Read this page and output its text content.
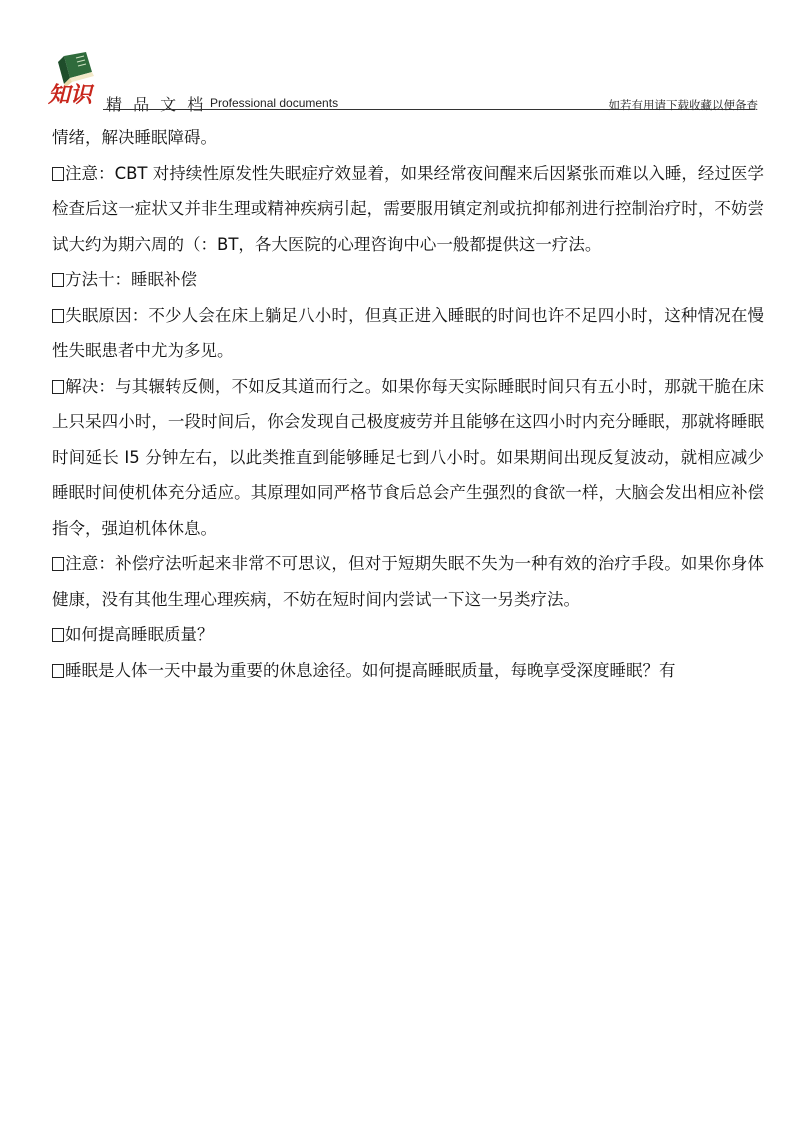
知识 精 品 文 档 Professional documents	如若有用请下载收藏以便备查

情绪，解决睡眠障碍。

注意：CBT 对持续性原发性失眠症疗效显着，如果经常夜间醒来后因紧张而难以入睡，经过医学检查后这一症状又并非生理或精神疾病引起，需要服用镇定剂或抗抑郁剂进行控制治疗时，不妨尝试大约为期六周的（：BT，各大医院的心理咨询中心一般都提供这一疗法。

方法十：睡眠补偿

失眠原因：不少人会在床上躺足八小时，但真正进入睡眠的时间也许不足四小时，这种情况在慢性失眠患者中尤为多见。

解决：与其辗转反侧，不如反其道而行之。如果你每天实际睡眠时间只有五小时，那就干脆在床上只呆四小时，一段时间后，你会发现自己极度疲劳并且能够在这四小时内充分睡眠，那就将睡眠时间延长 I5 分钟左右，以此类推直到能够睡足七到八小时。如果期间出现反复波动，就相应减少睡眠时间使机体充分适应。其原理如同严格节食后总会产生强烈的食欲一样，大脑会发出相应补偿指令，强迫机体休息。

注意：补偿疗法听起来非常不可思议，但对于短期失眠不失为一种有效的治疗手段。如果你身体健康，没有其他生理心理疾病，不妨在短时间内尝试一下这一另类疗法。

如何提高睡眠质量？

睡眠是人体一天中最为重要的休息途径。如何提高睡眠质量，每晚享受深度睡眠？有
